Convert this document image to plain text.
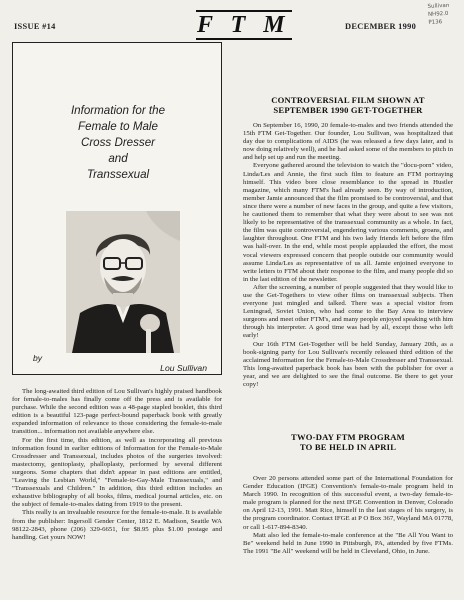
ISSUE #14	F T M	DECEMBER 1990
Sullivan
NH92.0
P136
Information for the
Female to Male
Cross Dresser
and
Transsexual
by
Lou Sullivan

The long-awaited third edition of Lou Sullivan's highly praised handbook for female-to-males has finally come off the press and is available for purchase. While the second edition was a 48-page stapled booklet, this third edition is a beautiful 123-page perfect-bound paperback book with greatly expanded information of relevance to those considering the female-to-male transition... information not available anywhere else.

For the first time, this edition, as well as incorporating all previous information found in earlier editions of Information for the Female-to-Male Crossdresser and Transsexual, includes photos of the surgeries involved: mastectomy, genitoplasty, phalloplasty, performed by several different surgeons. Some chapters that didn't appear in past editions are entitled, "Leaving the Lesbian World," "Female-to-Gay-Male Transsexuals," and "Transsexuals and Children." In addition, this third edition includes an exhaustive bibliography of all books, films, medical journal articles, etc. on the subject of female-to-males dating from 1919 to the present.

This really is an invaluable resource for the female-to-male. It is available from the publisher: Ingersoll Gender Center, 1812 E. Madison, Seattle WA 98122-2843, phone (206) 329-6651, for $8.95 plus $1.00 postage and handling. Get yours NOW!

CONTROVERSIAL FILM SHOWN AT SEPTEMBER 1990 GET-TOGETHER

On September 16, 1990, 20 female-to-males and two friends attended the 15th FTM Get-Together. Our founder, Lou Sullivan, was hospitalized that day due to complications of AIDS (he was released a few days later, and is now doing relatively well), and he had asked some of the members to pitch in and help set up and run the meeting.

Everyone gathered around the television to watch the "docu-porn" video, Linda/Les and Annie, the first such film to feature an FTM portraying himself. This video bore close resemblance to the spread in Hustler magazine, which many FTM's had already seen. By way of introduction, member Jamie announced that the film promised to be controversial, and that since there were a number of new faces in the group, and quite a few visitors, he cautioned them to remember that what they were about to see was not likely to be representative of the transsexual community as a whole. In fact, the film was quite controversial, engendering various comments, groans, and laughter throughout. One FTM and his two lady friends left before the film was half-over. In the end, while most people applauded the effort, the most vocal viewers expressed concern that people outside our community would assume Linda/Les as representative of us all. Jamie enjoined everyone to write letters to FTM about their response to the film, and many people did so in the last edition of the newsletter.

After the screening, a number of people suggested that they would like to use the Get-Togethers to view other films on transsexual subjects. Then everyone just mingled and talked. There was a special visitor from Leningrad, Soviet Union, who had come to the Bay Area to interview surgeons and meet other FTM's, and many people enjoyed speaking with him through his interpreter. A good time was had by all, except those who left early!

Our 16th FTM Get-Together will be held Sunday, January 20th, as a book-signing party for Lou Sullivan's recently released third edition of the acclaimed Information for the Female-to-Male Crossdresser and Transsexual. This long-awaited paperback book has been with the publisher for over a year, and we are delighted to see the final outcome. Be there to get your copy!

TWO-DAY FTM PROGRAM
TO BE HELD IN APRIL

Over 20 persons attended some part of the International Foundation for Gender Education (IFGE) Convention's female-to-male program held in March 1990. In recognition of this successful event, a two-day female-to-male program is planned for the next IFGE Convention in Denver, Colorado on April 12-13, 1991. Matt Rice, himself in the last stages of his surgery, is the program coordinator. Contact IFGE at P O Box 367, Wayland MA 01778, or call 1-617-894-8340.

Matt also led the female-to-male conference at the "Be All You Want to Be" weekend held in June 1990 in Pittsburgh, PA, attended by five FTMs. The 1991 "Be All" weekend will be held in Cleveland, Ohio, in June.
